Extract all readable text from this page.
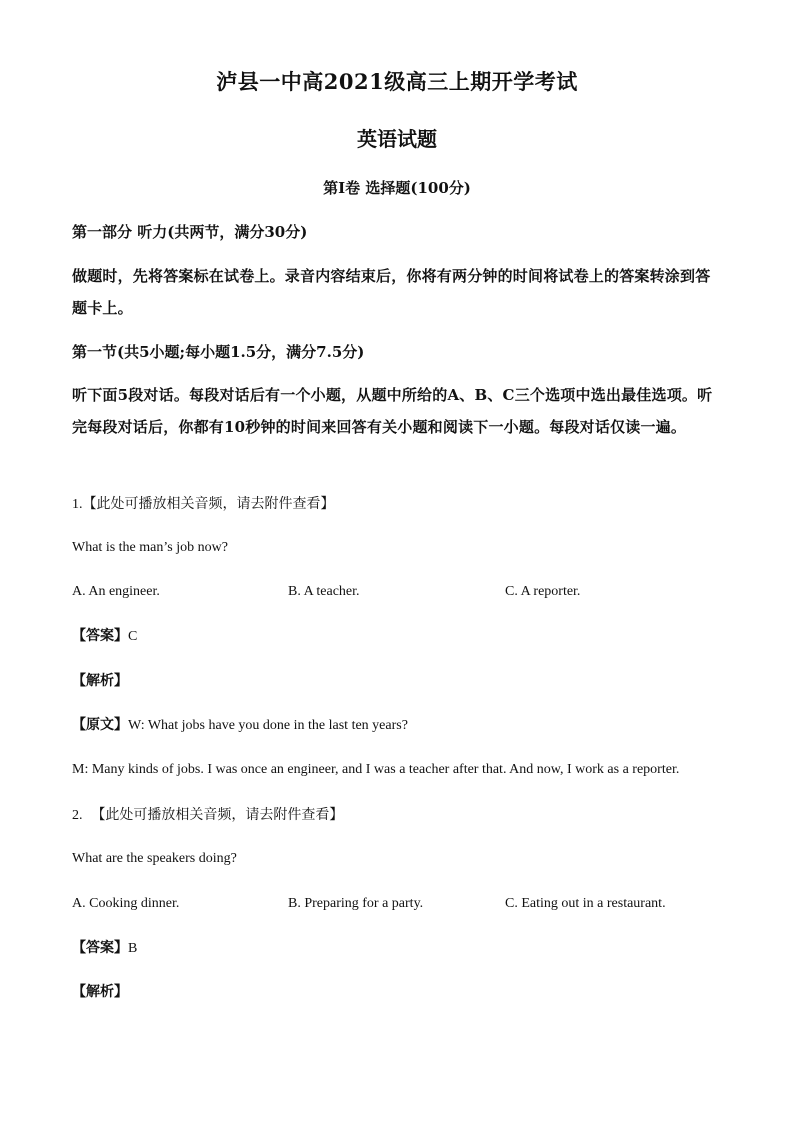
泸县一中高2021级高三上期开学考试
英语试题
第I卷 选择题(100分)
第一部分 听力(共两节，满分30分)
做题时，先将答案标在试卷上。录音内容结束后，你将有两分钟的时间将试卷上的答案转涂到答题卡上。
第一节(共5小题;每小题1.5分，满分7.5分)
听下面5段对话。每段对话后有一个小题，从题中所给的A、B、C三个选项中选出最佳选项。听完每段对话后，你都有10秒钟的时间来回答有关小题和阅读下一小题。每段对话仅读一遍。
1.【此处可播放相关音频，请去附件查看】
What is the man’s job now?
A. An engineer.	B. A teacher.	C. A reporter.
【答案】C
【解析】
【原文】W: What jobs have you done in the last ten years?
M: Many kinds of jobs. I was once an engineer, and I was a teacher after that. And now, I work as a reporter.
2. 【此处可播放相关音频，请去附件查看】
What are the speakers doing?
A. Cooking dinner.	B. Preparing for a party.	C. Eating out in a restaurant.
【答案】B
【解析】
